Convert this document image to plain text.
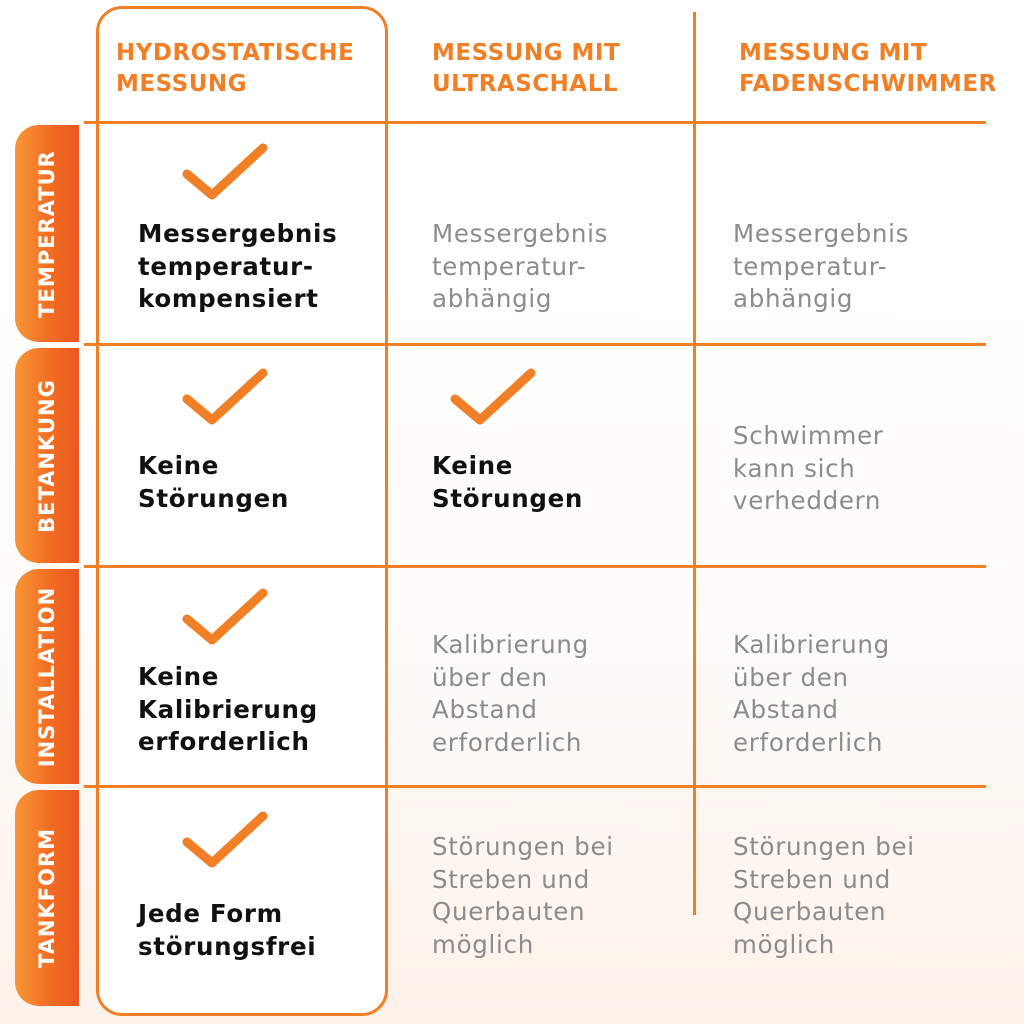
HYDROSTATISCHE
MESSUNG
MESSUNG MIT
ULTRASCHALL
MESSUNG MIT
FADENSCHWIMMER
TEMPERATUR
BETANKUNG
INSTALLATION
TANKFORM
Messergebnis
temperatur-
kompensiert
Messergebnis
temperatur-
abhängig
Messergebnis
temperatur-
abhängig
Keine
Störungen
Keine
Störungen
Schwimmer
kann sich
verheddern
Keine
Kalibrierung
erforderlich
Kalibrierung
über den
Abstand
erforderlich
Kalibrierung
über den
Abstand
erforderlich
Jede Form
störungsfrei
Störungen bei
Streben und
Querbauten
möglich
Störungen bei
Streben und
Querbauten
möglich
